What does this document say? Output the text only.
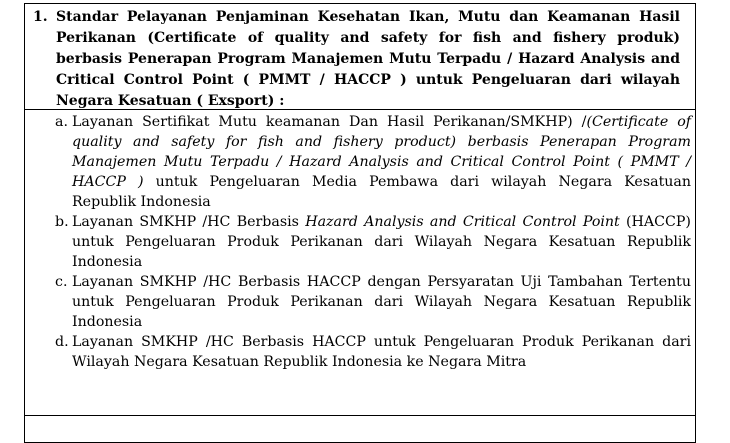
1. Standar Pelayanan Penjaminan Kesehatan Ikan, Mutu dan Keamanan Hasil Perikanan (Certificate of quality and safety for fish and fishery produk) berbasis Penerapan Program Manajemen Mutu Terpadu / Hazard Analysis and Critical Control Point ( PMMT / HACCP ) untuk Pengeluaran dari wilayah Negara Kesatuan ( Exsport) :
a. Layanan Sertifikat Mutu keamanan Dan Hasil Perikanan/SMKHP) /(Certificate of quality and safety for fish and fishery product) berbasis Penerapan Program Manajemen Mutu Terpadu / Hazard Analysis and Critical Control Point ( PMMT / HACCP ) untuk Pengeluaran Media Pembawa dari wilayah Negara Kesatuan Republik Indonesia
b. Layanan SMKHP /HC Berbasis Hazard Analysis and Critical Control Point (HACCP) untuk Pengeluaran Produk Perikanan dari Wilayah Negara Kesatuan Republik Indonesia
c. Layanan SMKHP /HC Berbasis HACCP dengan Persyaratan Uji Tambahan Tertentu untuk Pengeluaran Produk Perikanan dari Wilayah Negara Kesatuan Republik Indonesia
d. Layanan SMKHP /HC Berbasis HACCP untuk Pengeluaran Produk Perikanan dari Wilayah Negara Kesatuan Republik Indonesia ke Negara Mitra
